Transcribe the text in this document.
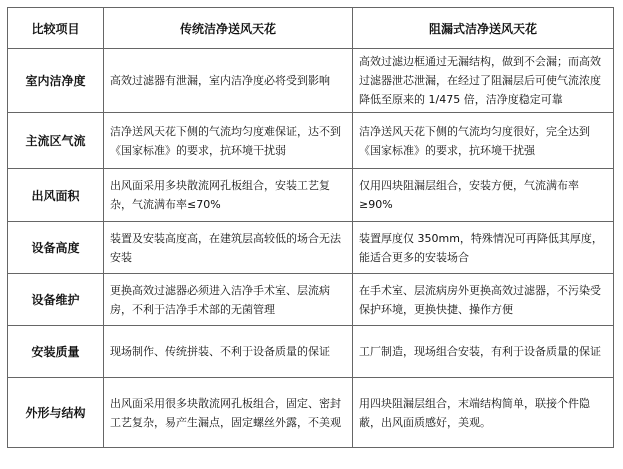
比较项目	传统洁净送风天花	阻漏式洁净送风天花
室内洁净度	高效过滤器有泄漏，室内洁净度必将受到影响	高效过滤边框通过无漏结构，做到不会漏；而高效过滤器泄芯泄漏，在经过了阻漏层后可使气流浓度降低至原来的 1/475 倍，洁净度稳定可靠
主流区气流	洁净送风天花下侧的气流均匀度难保证，达不到《国家标准》的要求，抗环境干扰弱	洁净送风天花下侧的气流均匀度很好，完全达到《国家标准》的要求，抗环境干扰强
出风面积	出风面采用多块散流网孔板组合，安装工艺复杂，气流满布率≤70%	仅用四块阻漏层组合，安装方便，气流满布率≥90%
设备高度	装置及安装高度高，在建筑层高较低的场合无法安装	装置厚度仅 350mm，特殊情况可再降低其厚度，能适合更多的安装场合
设备维护	更换高效过滤器必须进入洁净手术室、层流病房，不利于洁净手术部的无菌管理	在手术室、层流病房外更换高效过滤器，不污染受保护环境，更换快捷、操作方便
安装质量	现场制作、传统拼装、不利于设备质量的保证	工厂制造，现场组合安装，有利于设备质量的保证
外形与结构	出风面采用很多块散流网孔板组合，固定、密封工艺复杂，易产生漏点，固定螺丝外露，不美观	用四块阻漏层组合，末端结构简单，联接个件隐蔽，出风面质感好，美观。
